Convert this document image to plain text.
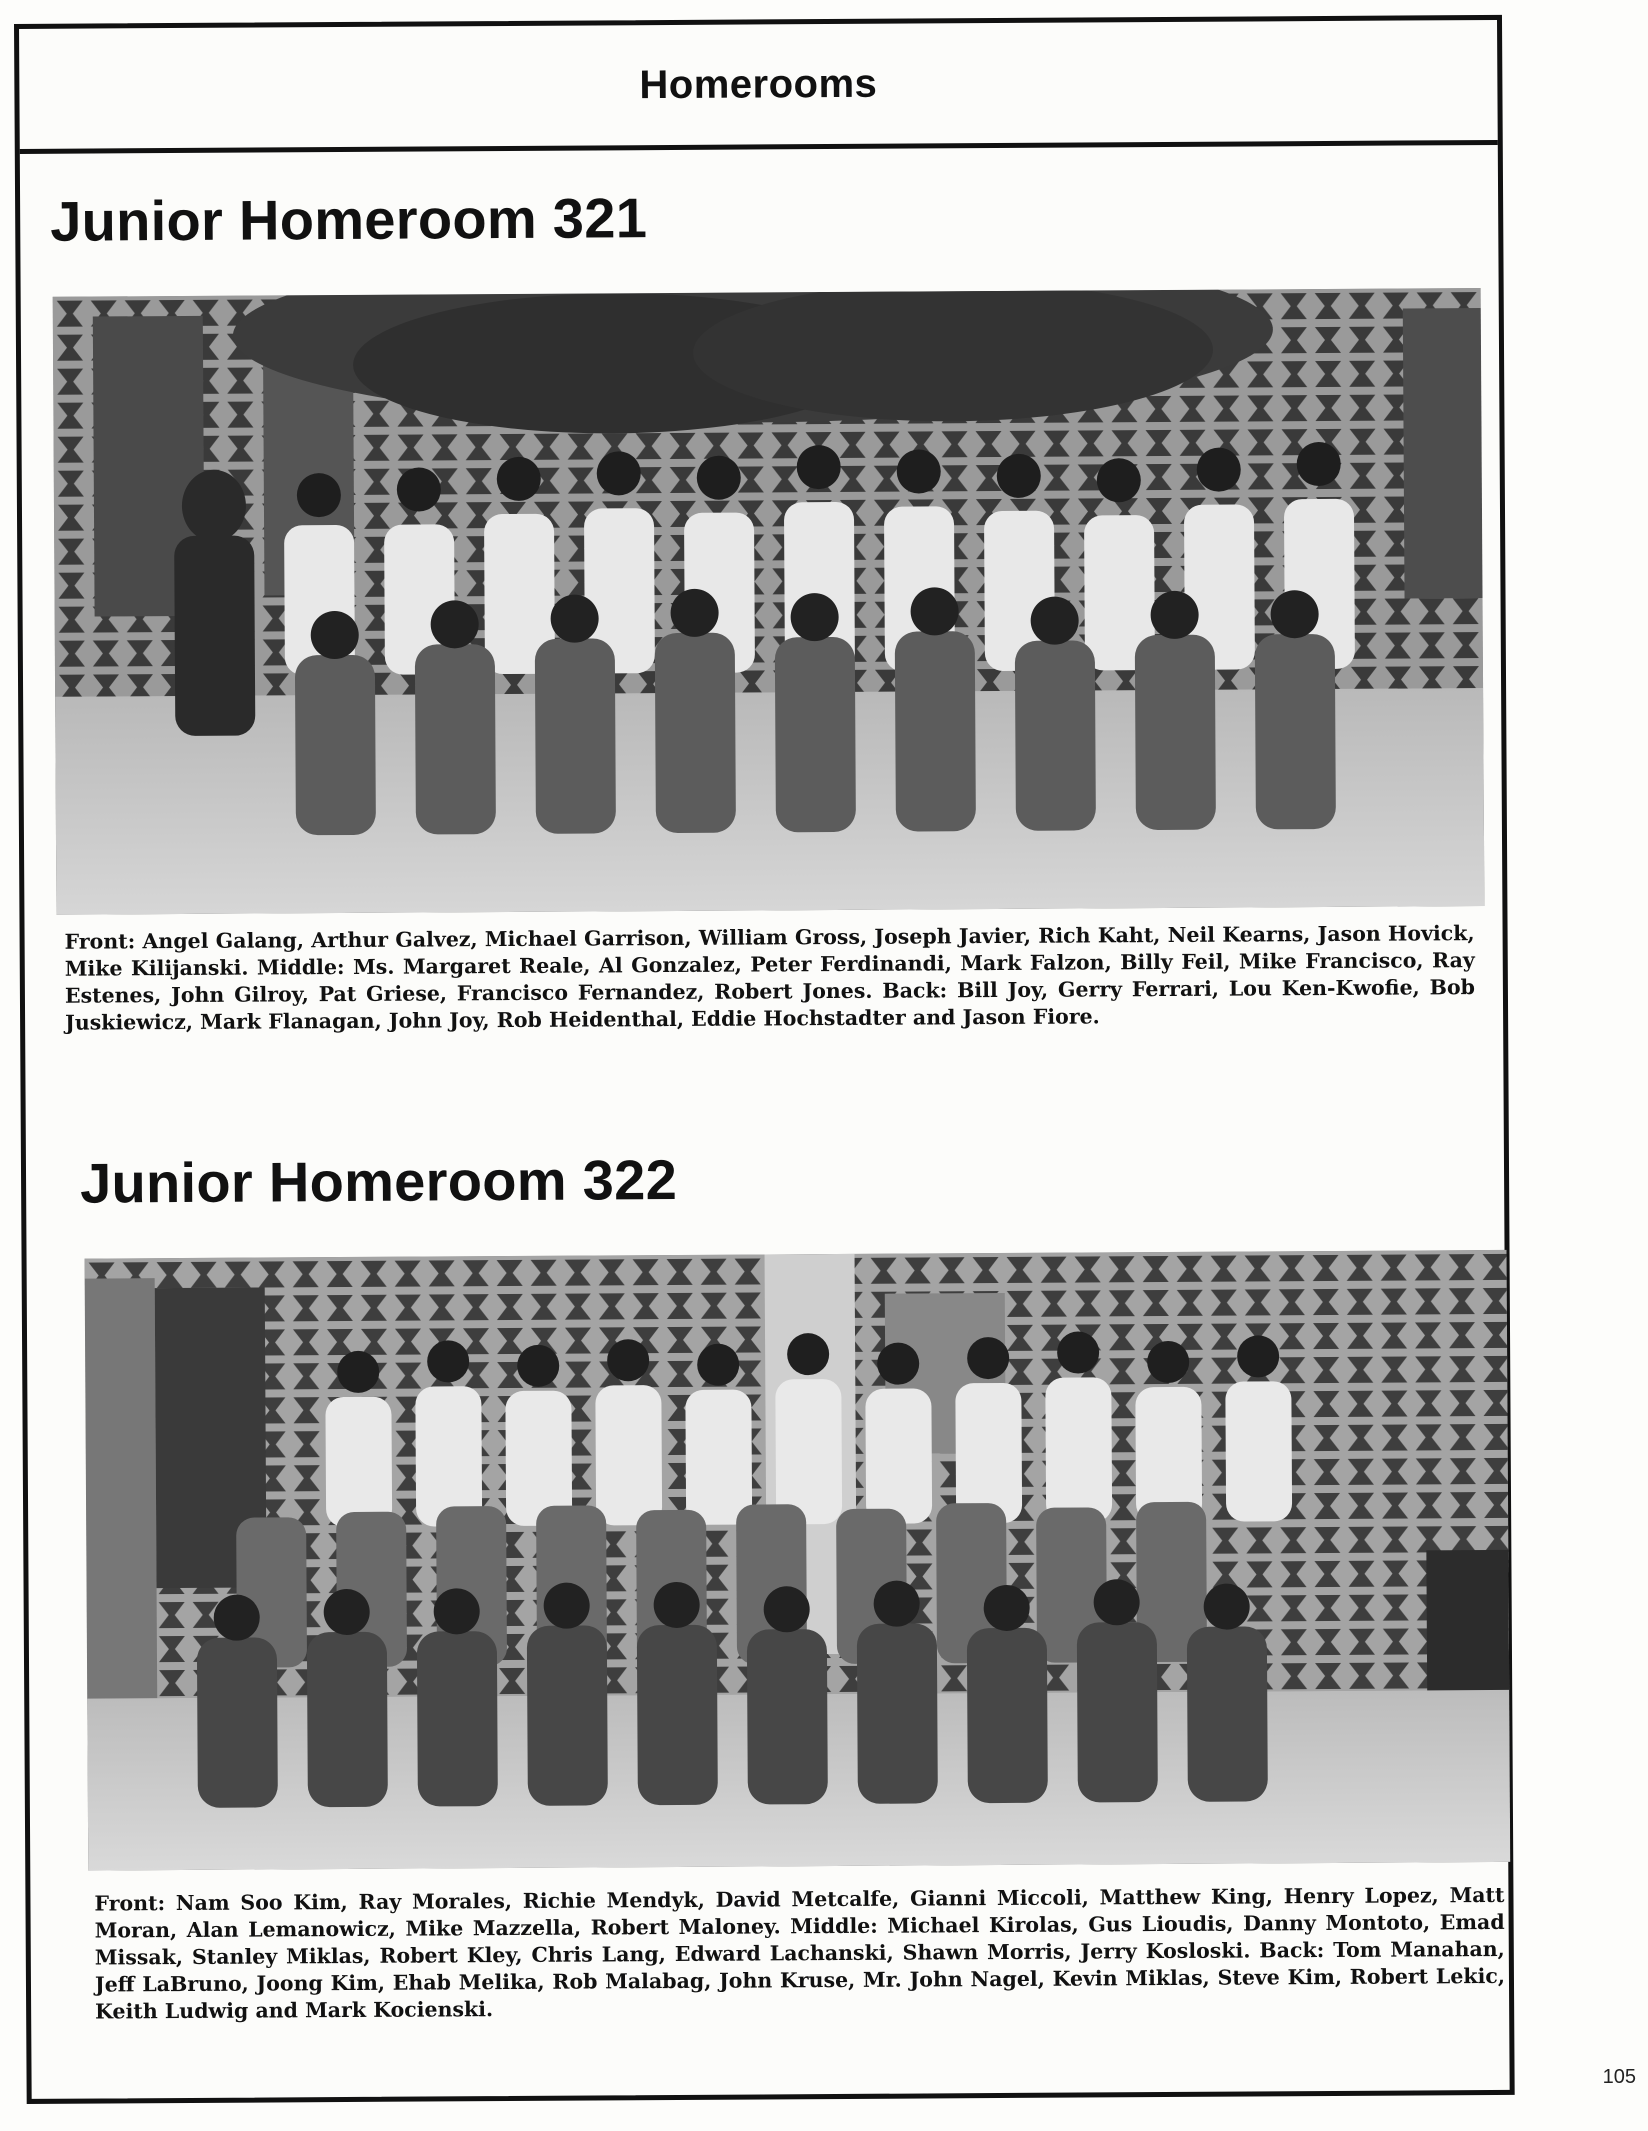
Homerooms
Junior Homeroom 321
Front: Angel Galang, Arthur Galvez, Michael Garrison, William Gross, Joseph Javier, Rich Kaht, Neil Kearns, Jason Hovick, Mike Kilijanski. Middle: Ms. Margaret Reale, Al Gonzalez, Peter Ferdinandi, Mark Falzon, Billy Feil, Mike Francisco, Ray Estenes, John Gilroy, Pat Griese, Francisco Fernandez, Robert Jones. Back: Bill Joy, Gerry Ferrari, Lou Ken-Kwofie, Bob Juskiewicz, Mark Flanagan, John Joy, Rob Heidenthal, Eddie Hochstadter and Jason Fiore.
Junior Homeroom 322
Front: Nam Soo Kim, Ray Morales, Richie Mendyk, David Metcalfe, Gianni Miccoli, Matthew King, Henry Lopez, Matt Moran, Alan Lemanowicz, Mike Mazzella, Robert Maloney. Middle: Michael Kirolas, Gus Lioudis, Danny Montoto, Emad Missak, Stanley Miklas, Robert Kley, Chris Lang, Edward Lachanski, Shawn Morris, Jerry Kosloski. Back: Tom Manahan, Jeff LaBruno, Joong Kim, Ehab Melika, Rob Malabag, John Kruse, Mr. John Nagel, Kevin Miklas, Steve Kim, Robert Lekic, Keith Ludwig and Mark Kocienski.
105
